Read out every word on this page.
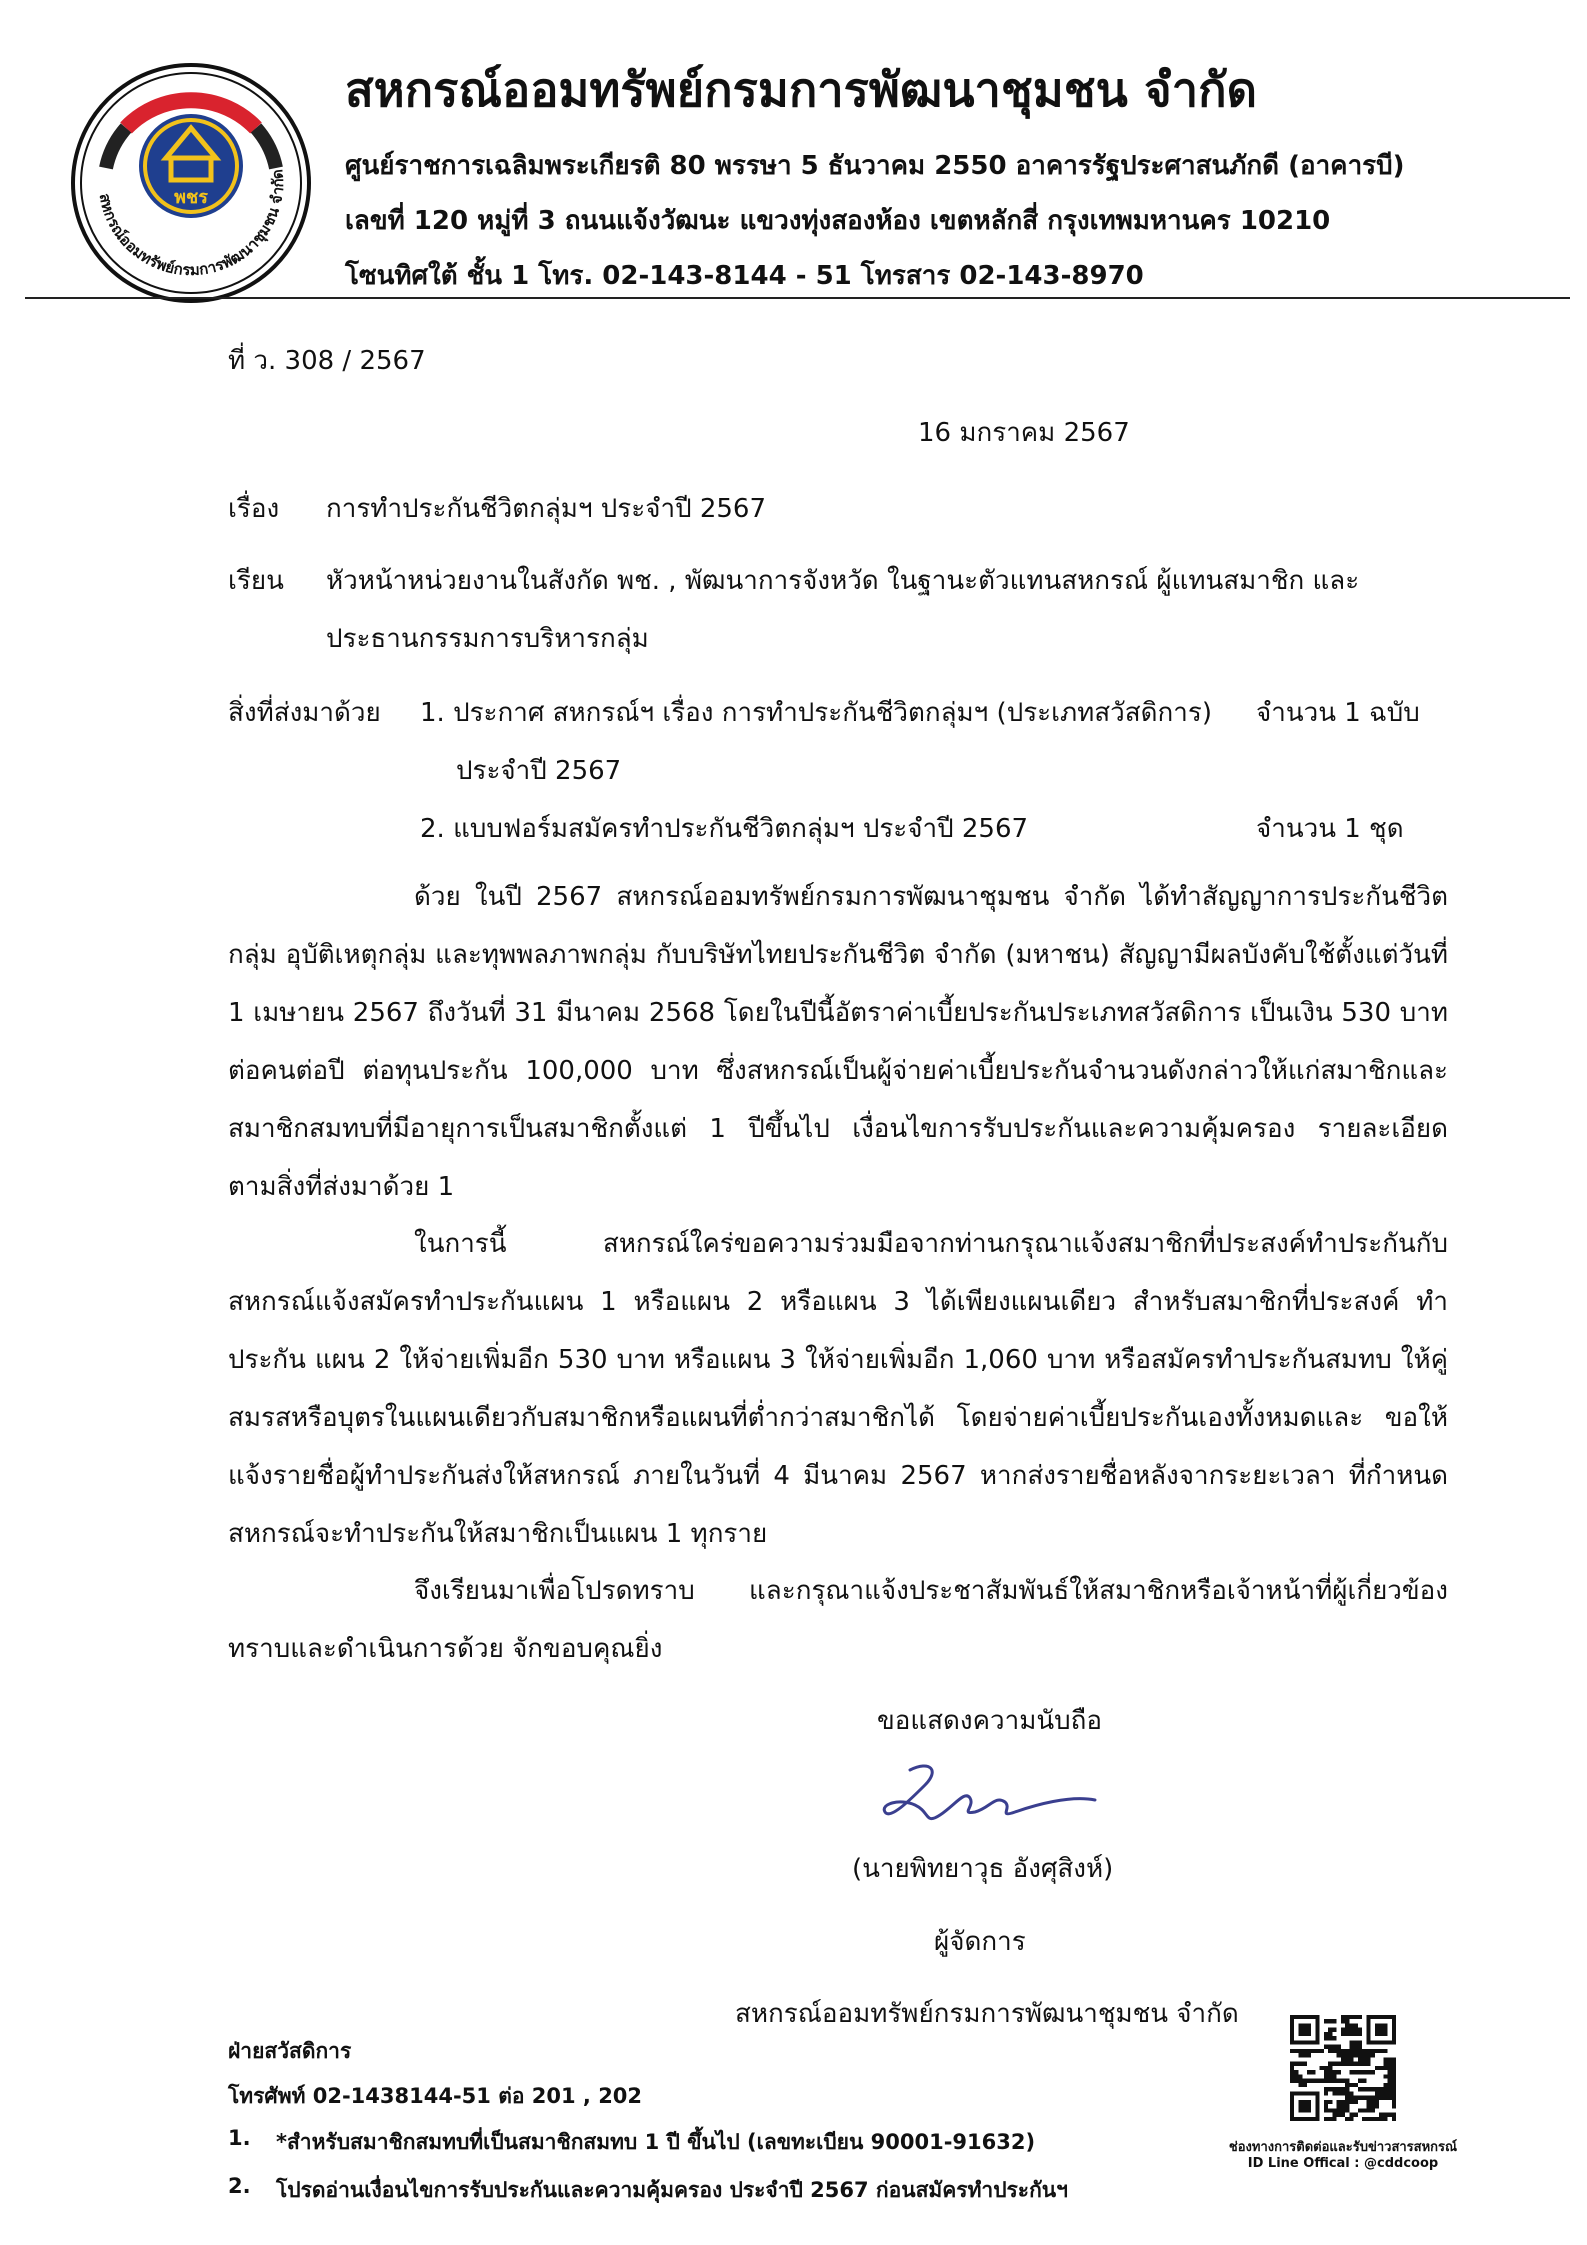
สหกรณ์ออมทรัพย์กรมการพัฒนาชุมชน จำกัด
พชร
สหกรณ์ออมทรัพย์กรมการพัฒนาชุมชน จำกัด
ศูนย์ราชการเฉลิมพระเกียรติ 80 พรรษา 5 ธันวาคม 2550 อาคารรัฐประศาสนภักดี (อาคารบี)
เลขที่ 120 หมู่ที่ 3 ถนนแจ้งวัฒนะ แขวงทุ่งสองห้อง เขตหลักสี่ กรุงเทพมหานคร 10210
โซนทิศใต้ ชั้น 1 โทร. 02-143-8144 - 51 โทรสาร 02-143-8970
ที่ ว. 308 / 2567
16 มกราคม 2567
เรื่อง การทำประกันชีวิตกลุ่มฯ ประจำปี 2567
เรียน หัวหน้าหน่วยงานในสังกัด พช. , พัฒนาการจังหวัด ในฐานะตัวแทนสหกรณ์ ผู้แทนสมาชิก และ
ประธานกรรมการบริหารกลุ่ม
สิ่งที่ส่งมาด้วย 1. ประกาศ สหกรณ์ฯ เรื่อง การทำประกันชีวิตกลุ่มฯ (ประเภทสวัสดิการ) จำนวน 1 ฉบับ
ประจำปี 2567
2. แบบฟอร์มสมัครทำประกันชีวิตกลุ่มฯ ประจำปี 2567	จำนวน 1 ชุด
ด้วย ในปี 2567 สหกรณ์ออมทรัพย์กรมการพัฒนาชุมชน จำกัด ได้ทำสัญญาการประกันชีวิตกลุ่ม อุบัติเหตุกลุ่ม และทุพพลภาพกลุ่ม กับบริษัทไทยประกันชีวิต จำกัด (มหาชน) สัญญามีผลบังคับใช้ตั้งแต่วันที่ 1 เมษายน 2567 ถึงวันที่ 31 มีนาคม 2568 โดยในปีนี้อัตราค่าเบี้ยประกันประเภทสวัสดิการ เป็นเงิน 530 บาท ต่อคนต่อปี ต่อทุนประกัน 100,000 บาท ซึ่งสหกรณ์เป็นผู้จ่ายค่าเบี้ยประกันจำนวนดังกล่าวให้แก่สมาชิกและ สมาชิกสมทบที่มีอายุการเป็นสมาชิกตั้งแต่ 1 ปีขึ้นไป เงื่อนไขการรับประกันและความคุ้มครอง รายละเอียด ตามสิ่งที่ส่งมาด้วย 1
ในการนี้ สหกรณ์ใคร่ขอความร่วมมือจากท่านกรุณาแจ้งสมาชิกที่ประสงค์ทำประกันกับ สหกรณ์แจ้งสมัครทำประกันแผน 1 หรือแผน 2 หรือแผน 3 ได้เพียงแผนเดียว สำหรับสมาชิกที่ประสงค์ ทำประกัน แผน 2 ให้จ่ายเพิ่มอีก 530 บาท หรือแผน 3 ให้จ่ายเพิ่มอีก 1,060 บาท หรือสมัครทำประกันสมทบ ให้คู่สมรสหรือบุตรในแผนเดียวกับสมาชิกหรือแผนที่ต่ำกว่าสมาชิกได้ โดยจ่ายค่าเบี้ยประกันเองทั้งหมดและ ขอให้แจ้งรายชื่อผู้ทำประกันส่งให้สหกรณ์ ภายในวันที่ 4 มีนาคม 2567 หากส่งรายชื่อหลังจากระยะเวลา ที่กำหนดสหกรณ์จะทำประกันให้สมาชิกเป็นแผน 1 ทุกราย
จึงเรียนมาเพื่อโปรดทราบ และกรุณาแจ้งประชาสัมพันธ์ให้สมาชิกหรือเจ้าหน้าที่ผู้เกี่ยวข้อง ทราบและดำเนินการด้วย จักขอบคุณยิ่ง
ขอแสดงความนับถือ
(นายพิทยาวุธ อังศุสิงห์)
ผู้จัดการ
สหกรณ์ออมทรัพย์กรมการพัฒนาชุมชน จำกัด
ฝ่ายสวัสดิการ
โทรศัพท์ 02-1438144-51 ต่อ 201 , 202
1. *สำหรับสมาชิกสมทบที่เป็นสมาชิกสมทบ 1 ปี ขึ้นไป (เลขทะเบียน 90001-91632)
2. โปรดอ่านเงื่อนไขการรับประกันและความคุ้มครอง ประจำปี 2567 ก่อนสมัครทำประกันฯ
ช่องทางการติดต่อและรับข่าวสารสหกรณ์
ID Line Offical : @cddcoop
